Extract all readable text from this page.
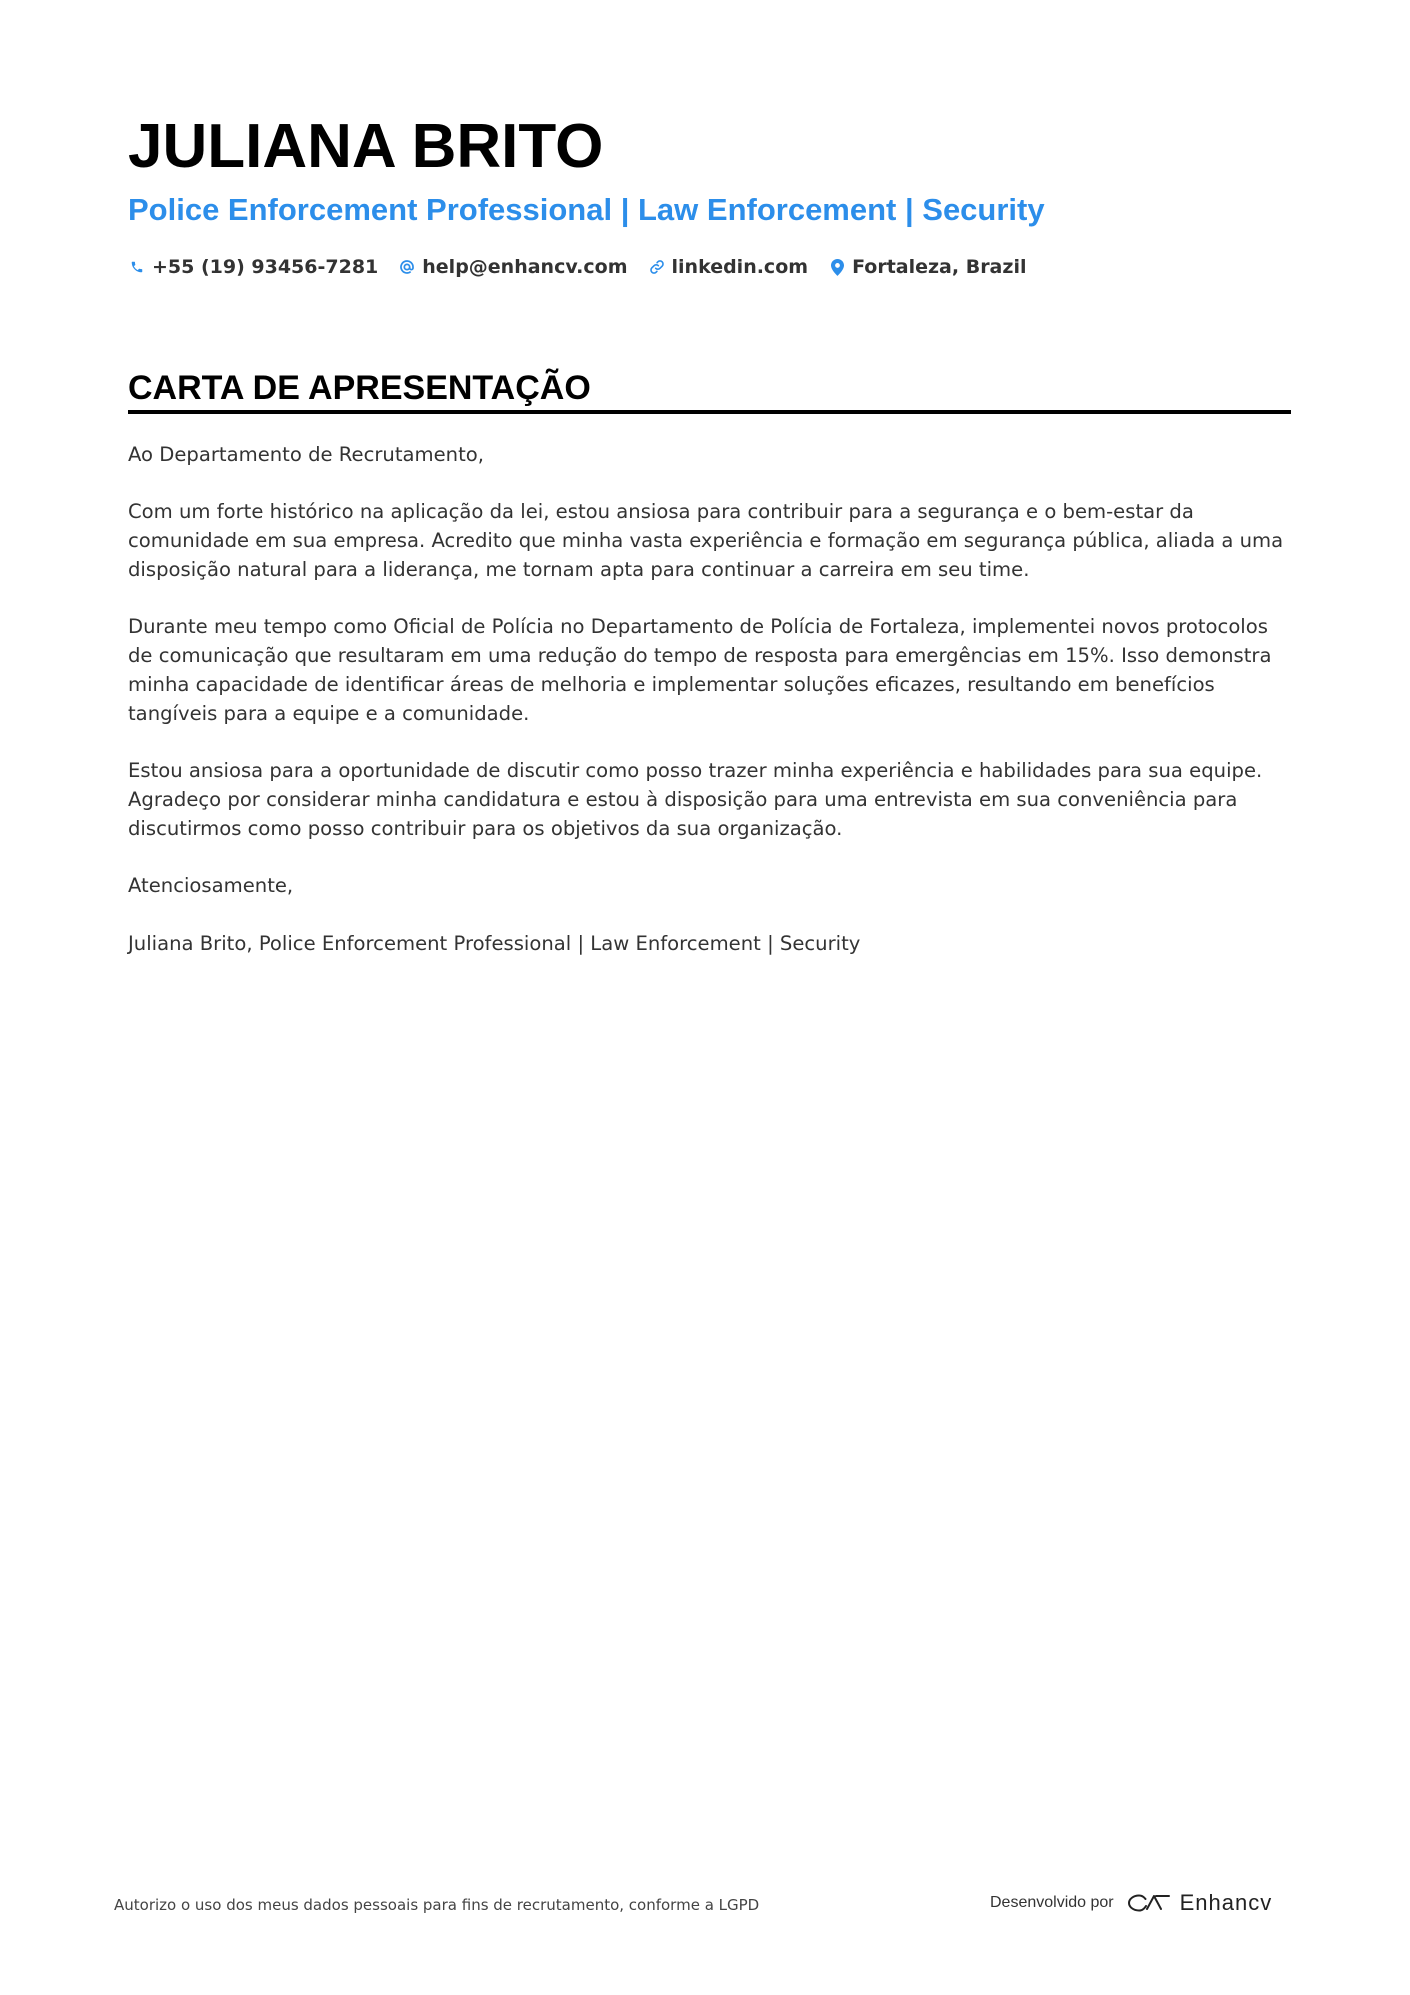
JULIANA BRITO
Police Enforcement Professional | Law Enforcement | Security
+55 (19) 93456-7281 help@enhancv.com linkedin.com Fortaleza, Brazil
CARTA DE APRESENTAÇÃO

Ao Departamento de Recrutamento,

Com um forte histórico na aplicação da lei, estou ansiosa para contribuir para a segurança e o bem-estar da comunidade em sua empresa. Acredito que minha vasta experiência e formação em segurança pública, aliada a uma disposição natural para a liderança, me tornam apta para continuar a carreira em seu time.

Durante meu tempo como Oficial de Polícia no Departamento de Polícia de Fortaleza, implementei novos protocolos de comunicação que resultaram em uma redução do tempo de resposta para emergências em 15%. Isso demonstra minha capacidade de identificar áreas de melhoria e implementar soluções eficazes, resultando em benefícios tangíveis para a equipe e a comunidade.

Estou ansiosa para a oportunidade de discutir como posso trazer minha experiência e habilidades para sua equipe. Agradeço por considerar minha candidatura e estou à disposição para uma entrevista em sua conveniência para discutirmos como posso contribuir para os objetivos da sua organização.

Atenciosamente,

Juliana Brito, Police Enforcement Professional | Law Enforcement | Security

Autorizo o uso dos meus dados pessoais para fins de recrutamento, conforme a LGPD	Desenvolvido por	Enhancv
